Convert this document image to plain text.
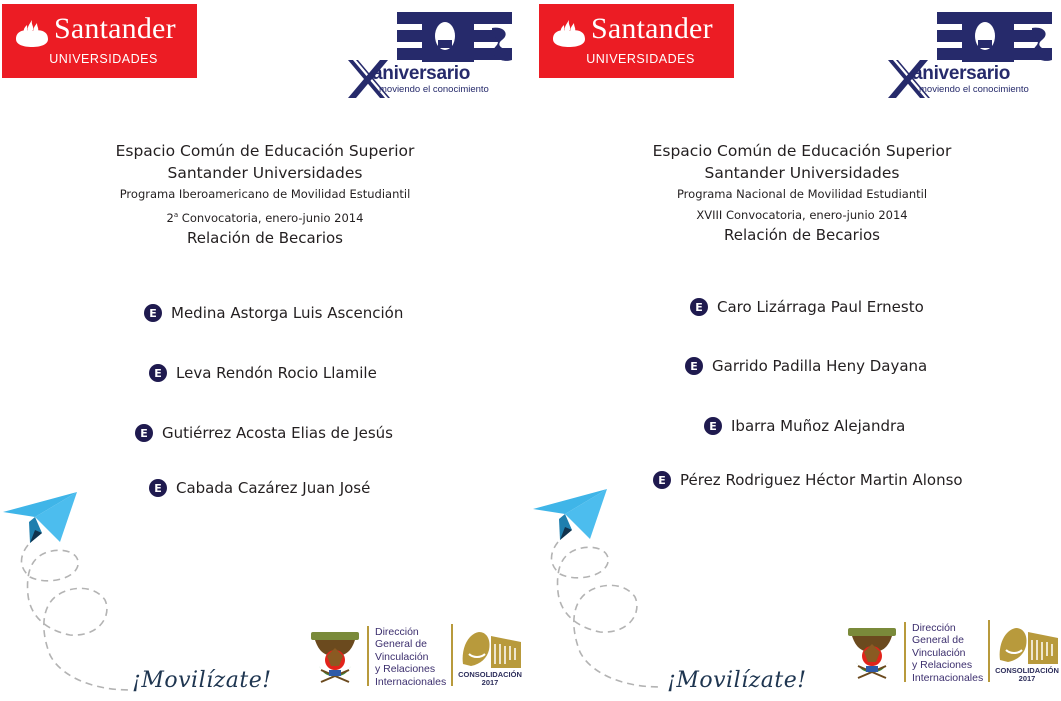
Santander
UNIVERSIDADES
aniversario
moviendo el conocimiento
Espacio Común de Educación Superior
Santander Universidades
Programa Iberoamericano de Movilidad Estudiantil
2$^a$ Convocatoria, enero-junio 2014
Relación de Becarios
E Medina Astorga Luis Ascención
E Leva Rendón Rocio Llamile
E Gutiérrez Acosta Elias de Jesús
E Cabada Cazárez Juan José
¡Movilízate!
Dirección
General de
Vinculación
y Relaciones
Internacionales
CONSOLIDACIÓN
2017
Santander
UNIVERSIDADES
aniversario
moviendo el conocimiento
Espacio Común de Educación Superior
Santander Universidades
Programa Nacional de Movilidad Estudiantil
XVIII Convocatoria, enero-junio 2014
Relación de Becarios
E Caro Lizárraga Paul Ernesto
E Garrido Padilla Heny Dayana
E Ibarra Muñoz Alejandra
E Pérez Rodriguez Héctor Martin Alonso
¡Movilízate!
Dirección
General de
Vinculación
y Relaciones
Internacionales
CONSOLIDACIÓN
2017
